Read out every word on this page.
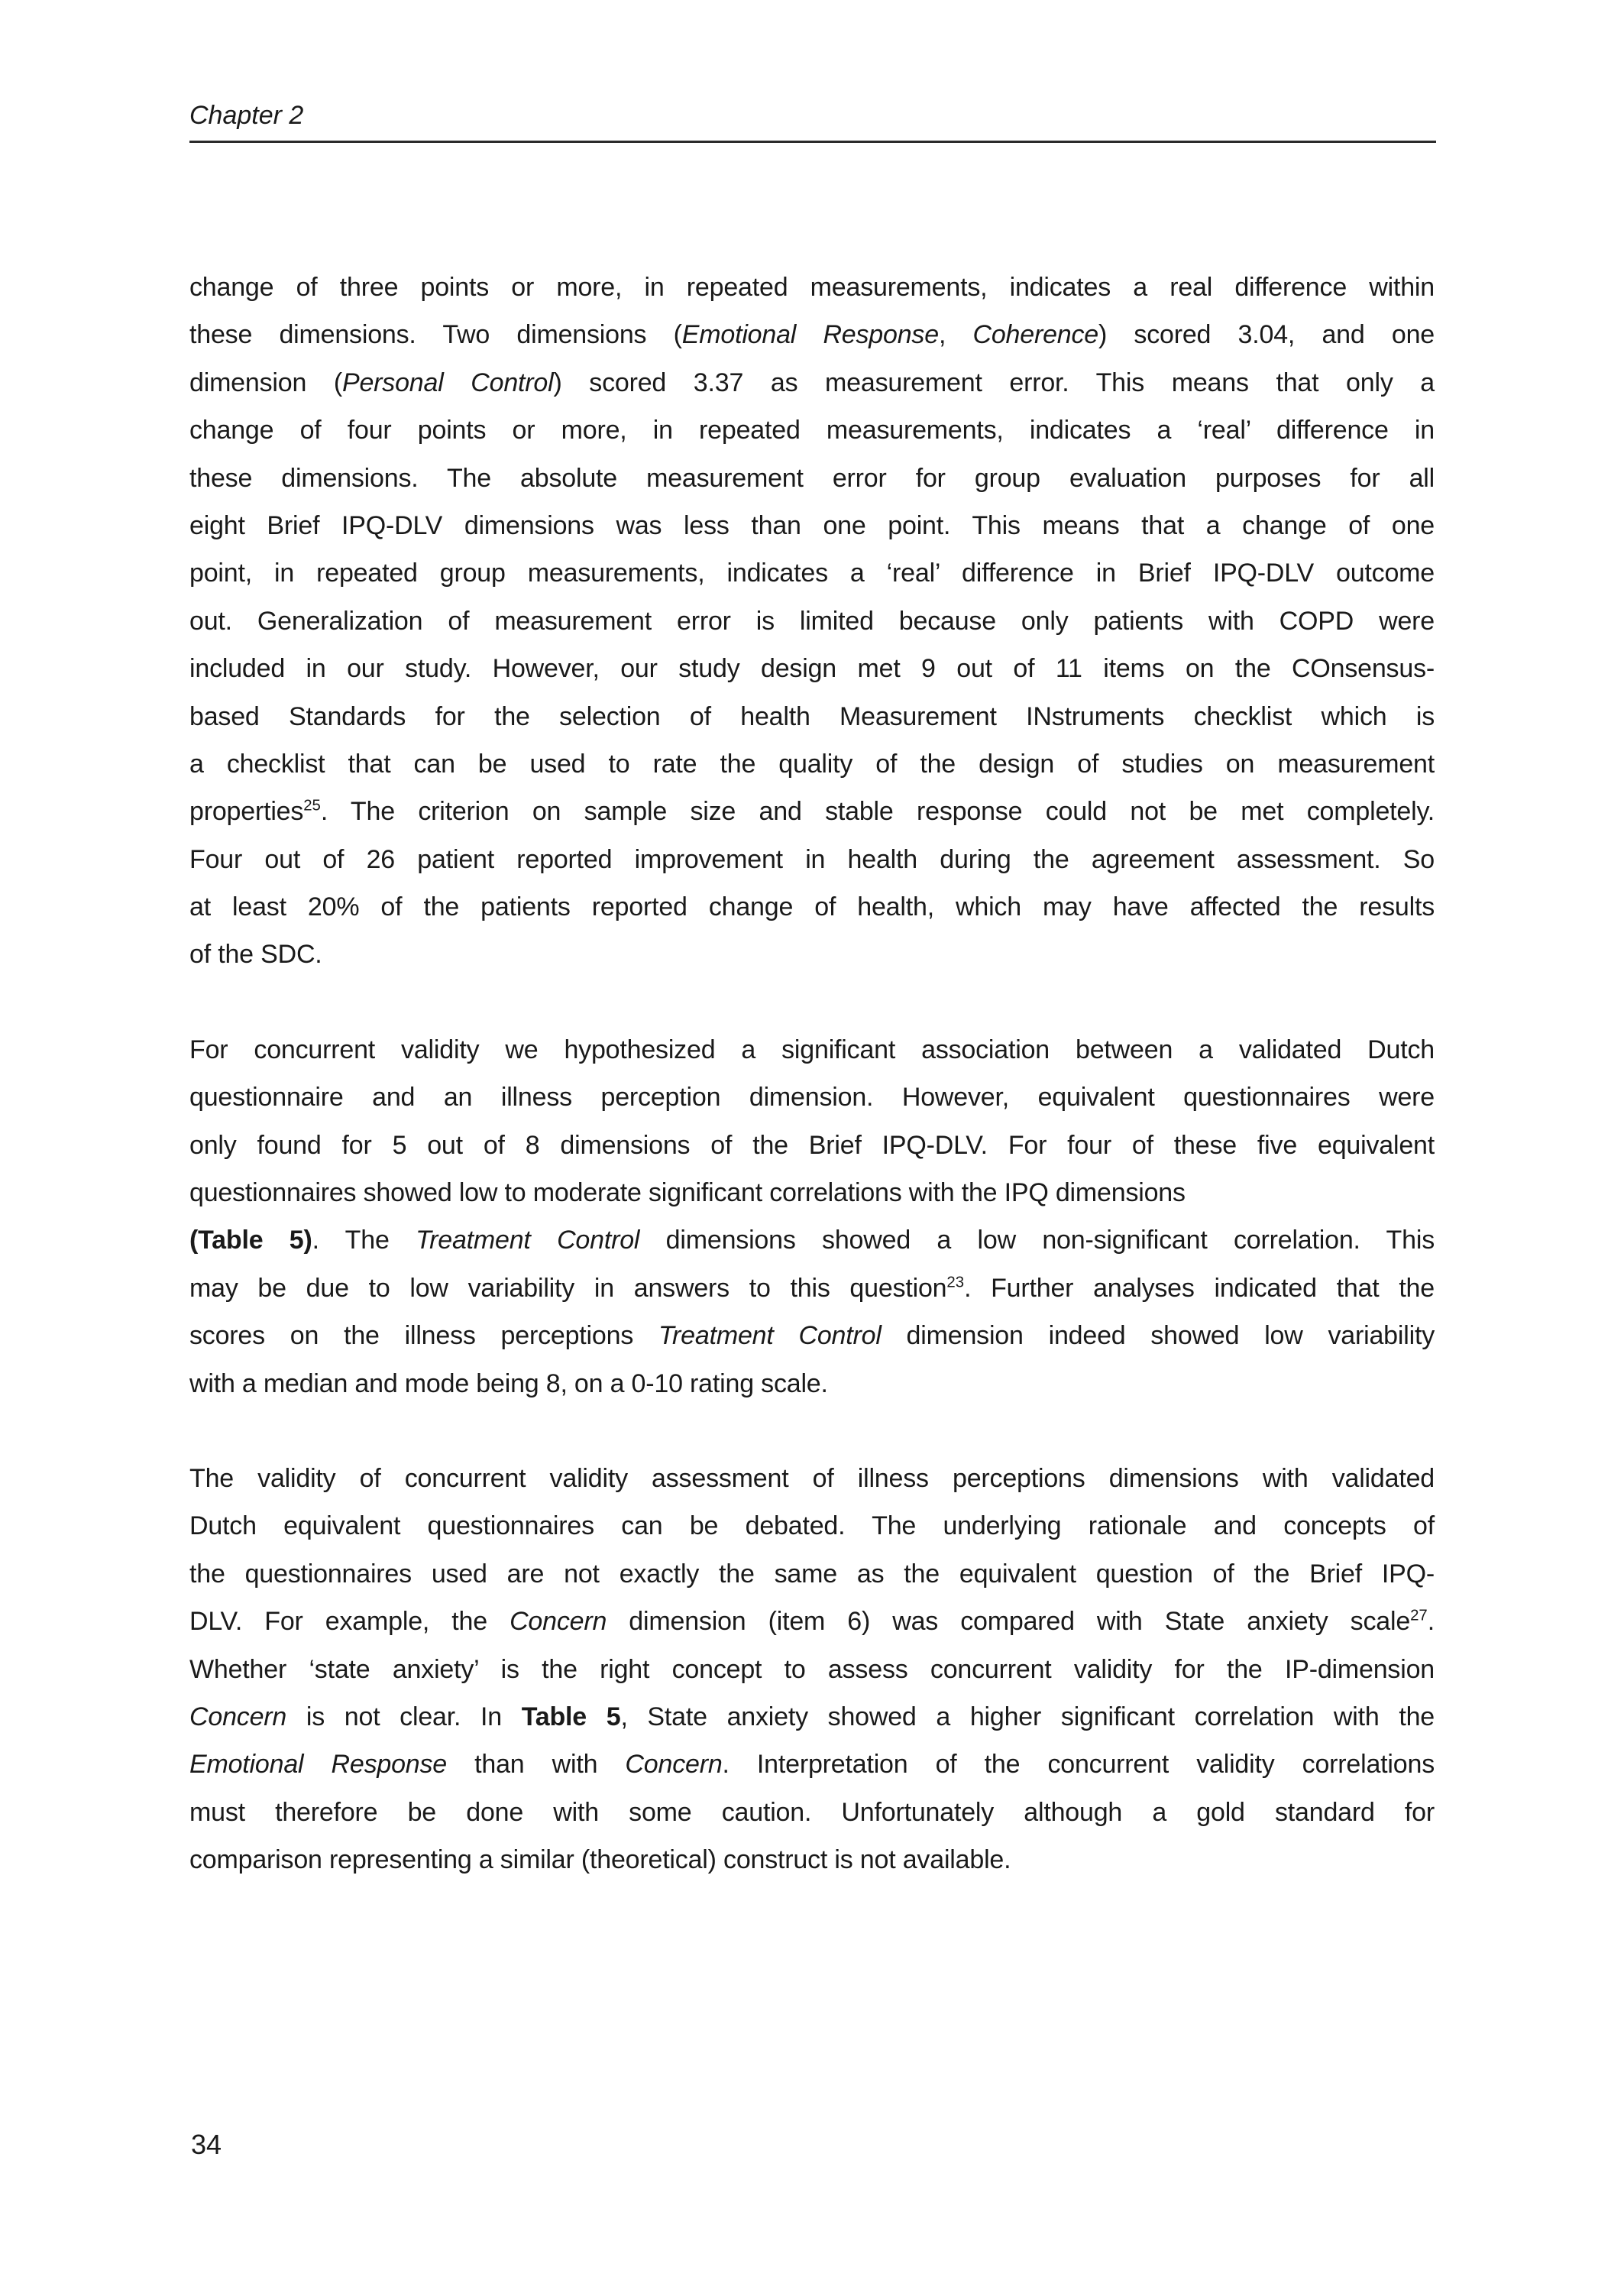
Chapter 2
change of three points or more, in repeated measurements, indicates a real difference within
these dimensions. Two dimensions (Emotional Response, Coherence) scored 3.04, and one
dimension (Personal Control) scored 3.37 as measurement error. This means that only a
change of four points or more, in repeated measurements, indicates a ‘real’ difference in
these dimensions. The absolute measurement error for group evaluation purposes for all
eight Brief IPQ-DLV dimensions was less than one point. This means that a change of one
point, in repeated group measurements, indicates a ‘real’ difference in Brief IPQ-DLV outcome
out. Generalization of measurement error is limited because only patients with COPD were
included in our study. However, our study design met 9 out of 11 items on the COnsensus-
based Standards for the selection of health Measurement INstruments checklist which is
a checklist that can be used to rate the quality of the design of studies on measurement
properties$^{25}$. The criterion on sample size and stable response could not be met completely.
Four out of 26 patient reported improvement in health during the agreement assessment. So
at least 20% of the patients reported change of health, which may have affected the results
of the SDC.
For concurrent validity we hypothesized a significant association between a validated Dutch
questionnaire and an illness perception dimension. However, equivalent questionnaires were
only found for 5 out of 8 dimensions of the Brief IPQ-DLV. For four of these five equivalent
questionnaires showed low to moderate significant correlations with the IPQ dimensions
(Table 5). The Treatment Control dimensions showed a low non-significant correlation. This
may be due to low variability in answers to this question$^{23}$. Further analyses indicated that the
scores on the illness perceptions Treatment Control dimension indeed showed low variability
with a median and mode being 8, on a 0-10 rating scale.
The validity of concurrent validity assessment of illness perceptions dimensions with validated
Dutch equivalent questionnaires can be debated. The underlying rationale and concepts of
the questionnaires used are not exactly the same as the equivalent question of the Brief IPQ-
DLV. For example, the Concern dimension (item 6) was compared with State anxiety scale$^{27}$.
Whether ‘state anxiety’ is the right concept to assess concurrent validity for the IP-dimension
Concern is not clear. In Table 5, State anxiety showed a higher significant correlation with the
Emotional Response than with Concern. Interpretation of the concurrent validity correlations
must therefore be done with some caution. Unfortunately although a gold standard for
comparison representing a similar (theoretical) construct is not available.
34
